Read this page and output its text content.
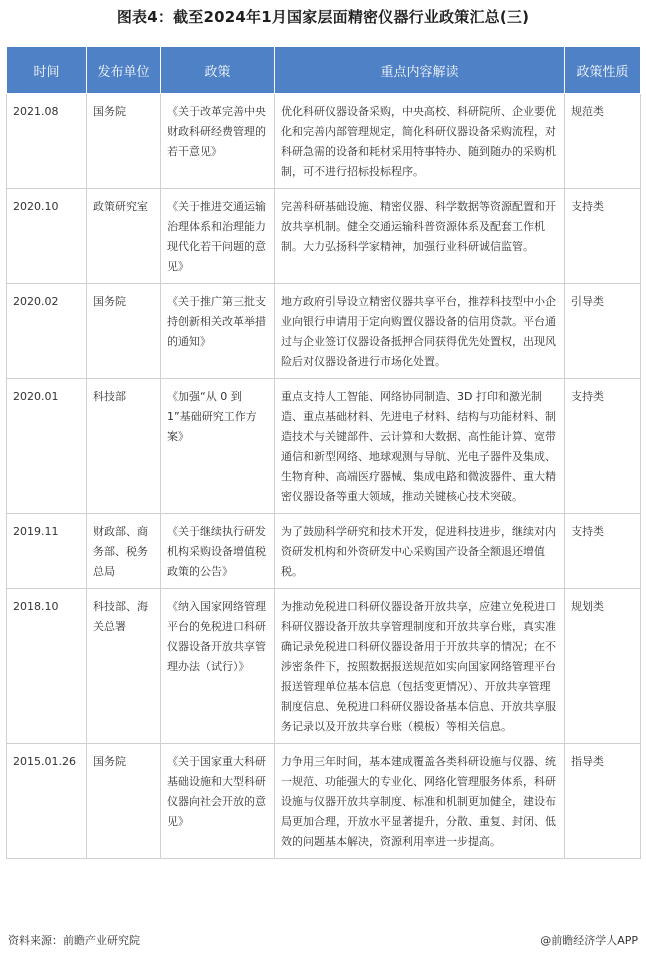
图表4：截至2024年1月国家层面精密仪器行业政策汇总(三)
时间	发布单位	政策	重点内容解读	政策性质
2021.08	国务院	《关于改革完善中央财政科研经费管理的若干意见》	优化科研仪器设备采购，中央高校、科研院所、企业要优化和完善内部管理规定，简化科研仪器设备采购流程，对科研急需的设备和耗材采用特事特办、随到随办的采购机制，可不进行招标投标程序。	规范类
2020.10	政策研究室	《关于推进交通运输治理体系和治理能力现代化若干问题的意见》	完善科研基础设施、精密仪器、科学数据等资源配置和开放共享机制。健全交通运输科普资源体系及配套工作机制。大力弘扬科学家精神，加强行业科研诚信监管。	支持类
2020.02	国务院	《关于推广第三批支持创新相关改革举措的通知》	地方政府引导设立精密仪器共享平台，推荐科技型中小企业向银行申请用于定向购置仪器设备的信用贷款。平台通过与企业签订仪器设备抵押合同获得优先处置权，出现风险后对仪器设备进行市场化处置。	引导类
2020.01	科技部	《加强“从 0 到 1”基础研究工作方案》	重点支持人工智能、网络协同制造、3D 打印和激光制造、重点基础材料、先进电子材料、结构与功能材料、制造技术与关键部件、云计算和大数据、高性能计算、宽带通信和新型网络、地球观测与导航、光电子器件及集成、生物育种、高端医疗器械、集成电路和微波器件、重大精密仪器设备等重大领域，推动关键核心技术突破。	支持类
2019.11	财政部、商务部、税务总局	《关于继续执行研发机构采购设备增值税政策的公告》	为了鼓励科学研究和技术开发，促进科技进步，继续对内资研发机构和外资研发中心采购国产设备全额退还增值税。	支持类
2018.10	科技部、海关总署	《纳入国家网络管理平台的免税进口科研仪器设备开放共享管理办法（试行）》	为推动免税进口科研仪器设备开放共享，应建立免税进口科研仪器设备开放共享管理制度和开放共享台账，真实准确记录免税进口科研仪器设备用于开放共享的情况；在不涉密条件下，按照数据报送规范如实向国家网络管理平台报送管理单位基本信息（包括变更情况）、开放共享管理制度信息、免税进口科研仪器设备基本信息、开放共享服务记录以及开放共享台账（模板）等相关信息。	规划类
2015.01.26	国务院	《关于国家重大科研基础设施和大型科研仪器向社会开放的意见》	力争用三年时间，基本建成覆盖各类科研设施与仪器、统一规范、功能强大的专业化、网络化管理服务体系，科研设施与仪器开放共享制度、标准和机制更加健全，建设布局更加合理，开放水平显著提升，分散、重复、封闭、低效的问题基本解决，资源利用率进一步提高。	指导类
资料来源：前瞻产业研究院	@前瞻经济学人APP
